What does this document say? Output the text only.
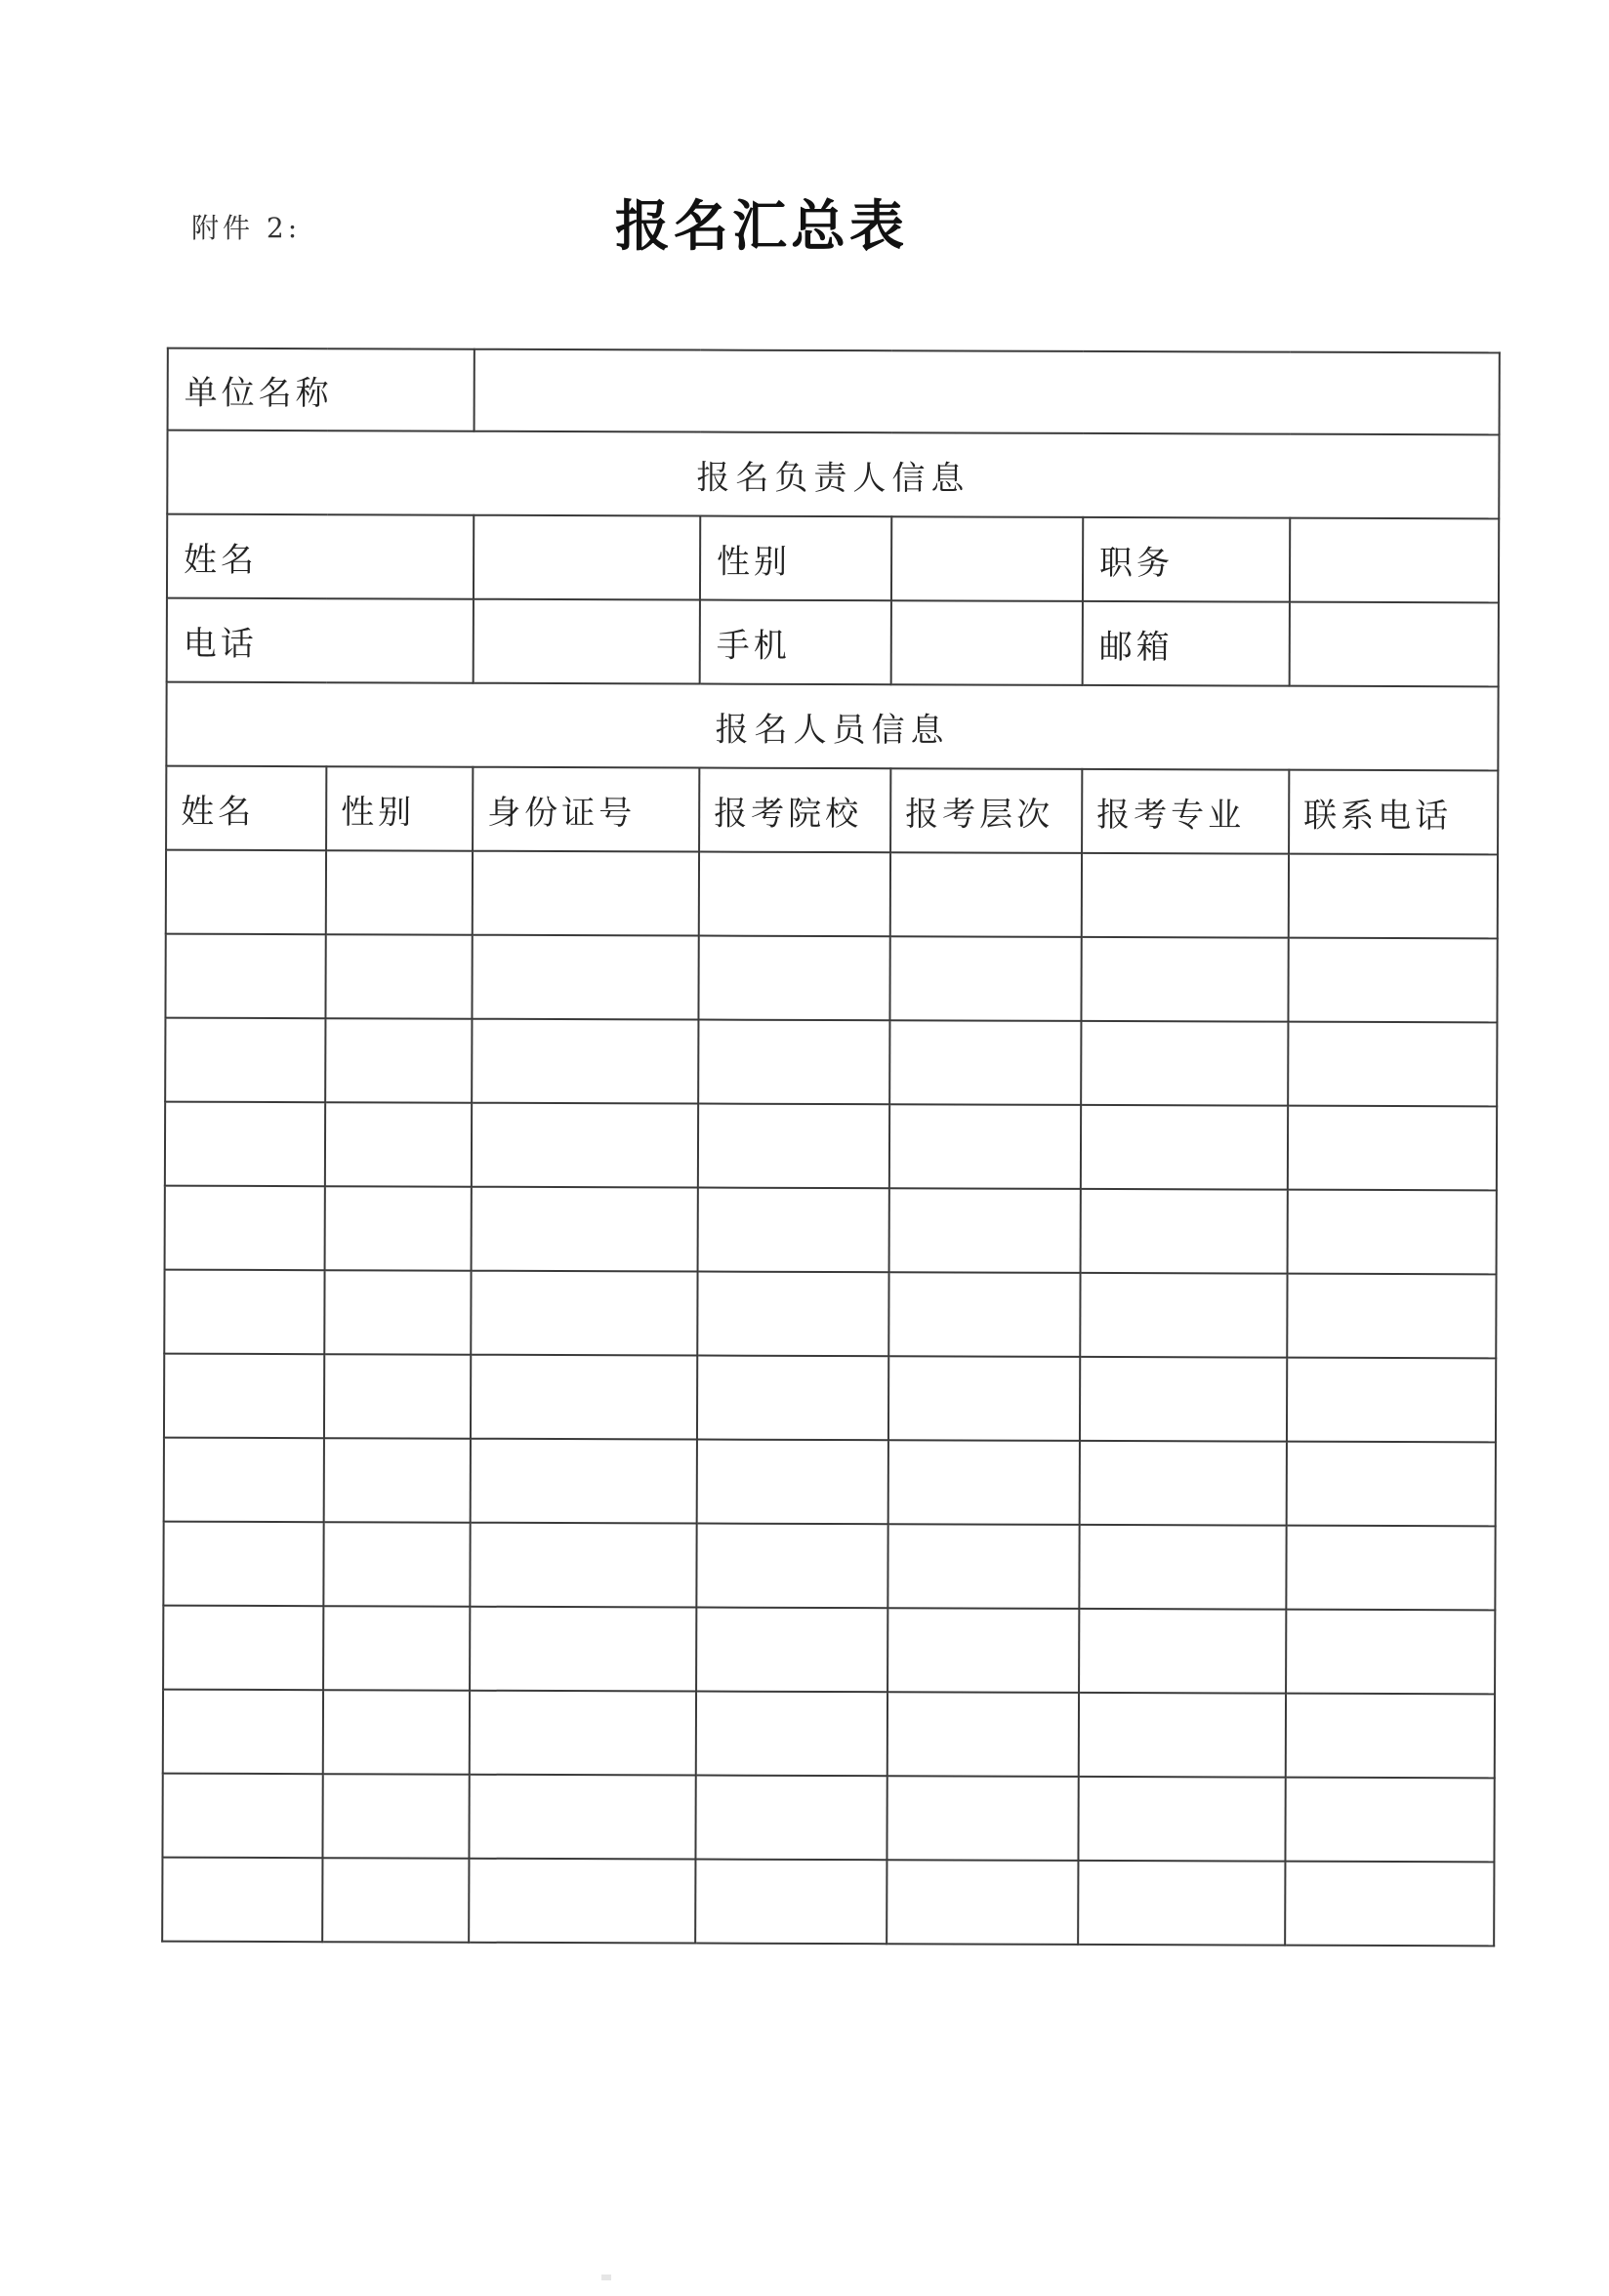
附件 2:	报名汇总表
单位名称						
报名负责人信息						
姓名			性别		职务	
电话			手机		邮箱	
报名人员信息						
姓名	性别	身份证号	报考院校	报考层次	报考专业	联系电话
